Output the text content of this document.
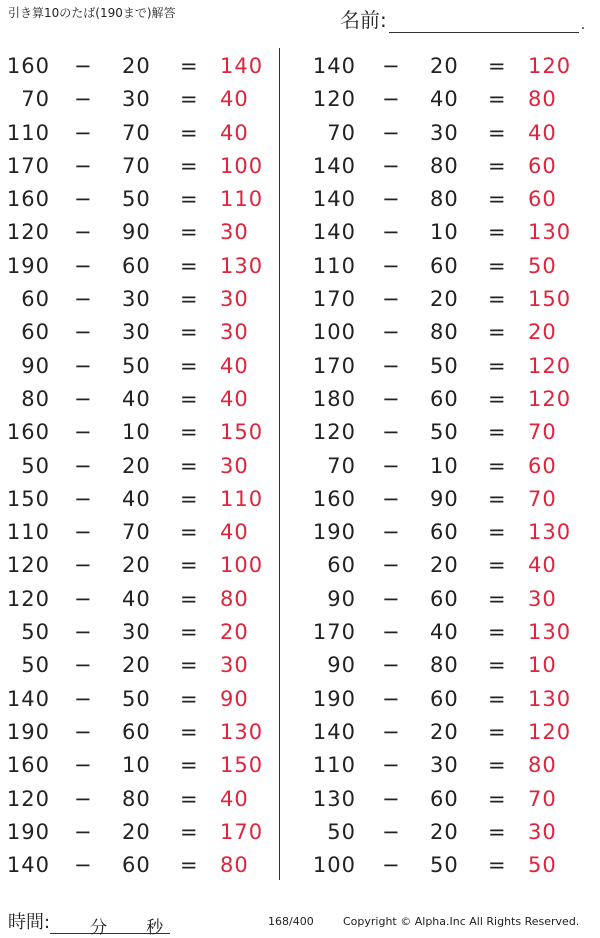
引き算10のたば(190まで)解答	名前:	.
160 − 20 = 140
70 − 30 = 40
110 − 70 = 40
170 − 70 = 100
160 − 50 = 110
120 − 90 = 30
190 − 60 = 130
60 − 30 = 30
60 − 30 = 30
90 − 50 = 40
80 − 40 = 40
160 − 10 = 150
50 − 20 = 30
150 − 40 = 110
110 − 70 = 40
120 − 20 = 100
120 − 40 = 80
50 − 30 = 20
50 − 20 = 30
140 − 50 = 90
190 − 60 = 130
160 − 10 = 150
120 − 80 = 40
190 − 20 = 170
140 − 60 = 80
140 − 20 = 120
120 − 40 = 80
70 − 30 = 40
140 − 80 = 60
140 − 80 = 60
140 − 10 = 130
110 − 60 = 50
170 − 20 = 150
100 − 80 = 20
170 − 50 = 120
180 − 60 = 120
120 − 50 = 70
70 − 10 = 60
160 − 90 = 70
190 − 60 = 130
60 − 20 = 40
90 − 60 = 30
170 − 40 = 130
90 − 80 = 10
190 − 60 = 130
140 − 20 = 120
110 − 30 = 80
130 − 60 = 70
50 − 20 = 30
100 − 50 = 50
時間: 分 秒	168/400	Copyright © Alpha.Inc All Rights Reserved.
